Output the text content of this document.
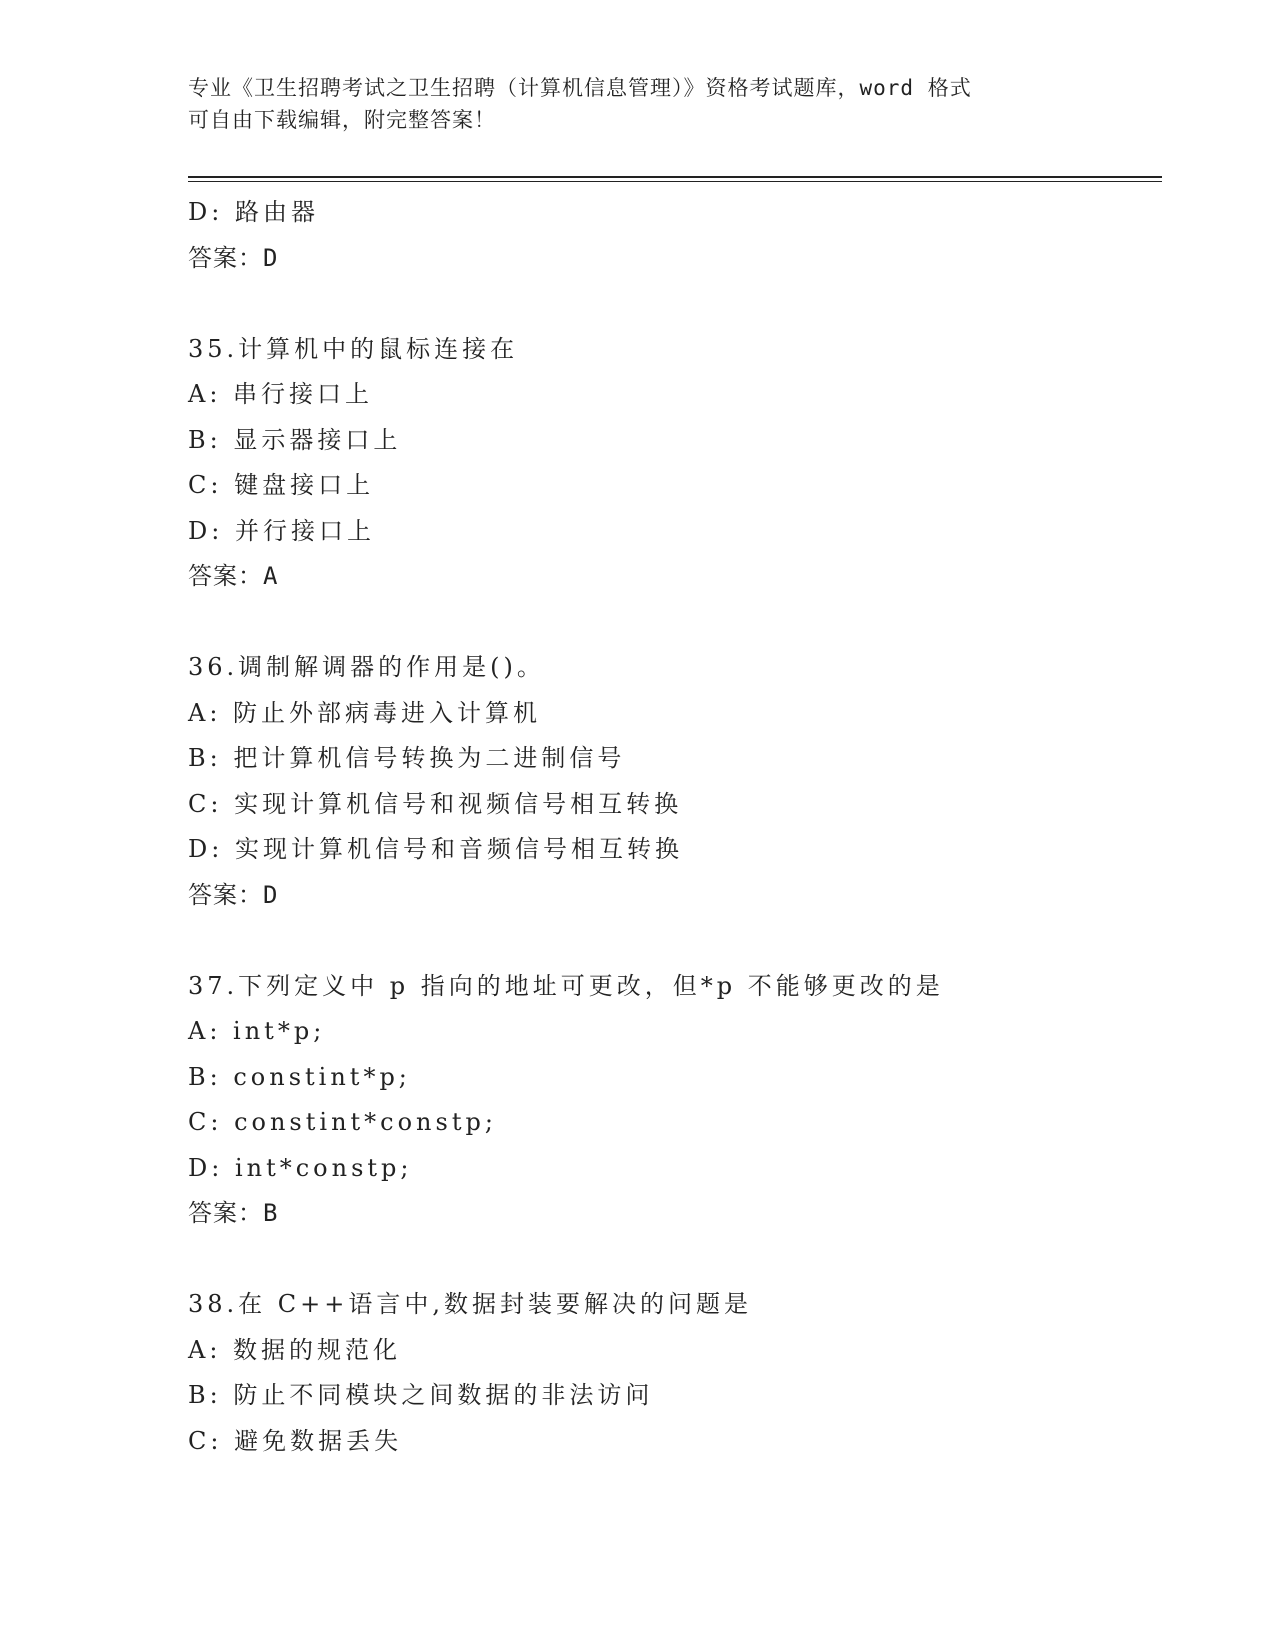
专业《卫生招聘考试之卫生招聘（计算机信息管理）》资格考试题库，word 格式
可自由下载编辑，附完整答案！
D: 路由器
答案：D
35.计算机中的鼠标连接在
A: 串行接口上
B: 显示器接口上
C: 键盘接口上
D: 并行接口上
答案：A
36.调制解调器的作用是()。
A: 防止外部病毒进入计算机
B: 把计算机信号转换为二进制信号
C: 实现计算机信号和视频信号相互转换
D: 实现计算机信号和音频信号相互转换
答案：D
37.下列定义中 p 指向的地址可更改，但*p 不能够更改的是
A: int*p;
B: constint*p;
C: constint*constp;
D: int*constp;
答案：B
38.在 C++语言中,数据封装要解决的问题是
A: 数据的规范化
B: 防止不同模块之间数据的非法访问
C: 避免数据丢失
